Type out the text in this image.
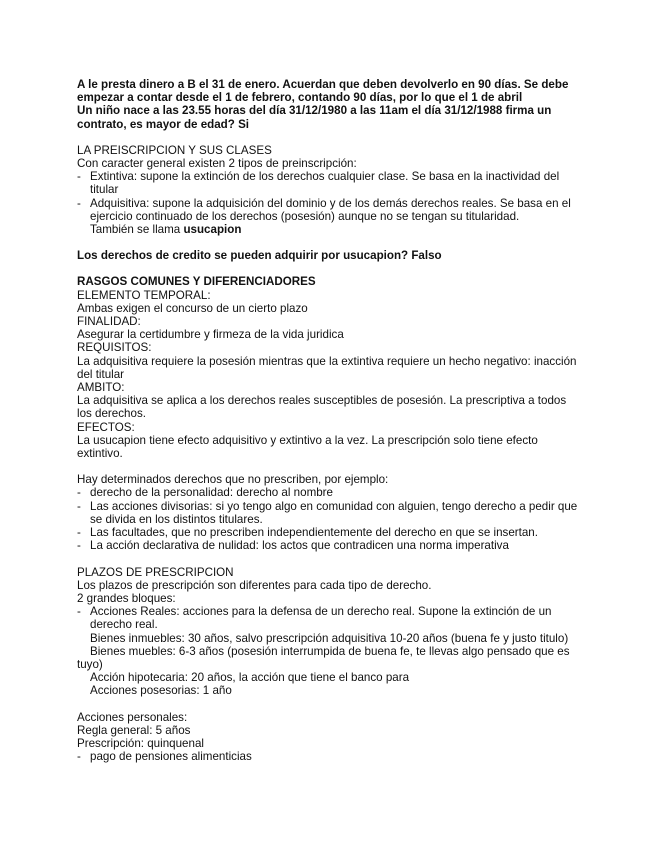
A le presta dinero a B el 31 de enero. Acuerdan que deben devolverlo en 90 días. Se debe empezar a contar desde el 1 de febrero, contando 90 días, por lo que el 1 de abril

Un niño nace a las 23.55 horas del día 31/12/1980 a las 11am el día 31/12/1988 firma un contrato, es mayor de edad? Si

LA PREISCRIPCION Y SUS CLASES

Con caracter general existen 2 tipos de preinscripción:

- Extintiva: supone la extinción de los derechos cualquier clase. Se basa en la inactividad del titular
- Adquisitiva: supone la adquisición del dominio y de los demás derechos reales. Se basa en el ejercicio continuado de los derechos (posesión) aunque no se tengan su titularidad.
También se llama usucapion

Los derechos de credito se pueden adquirir por usucapion? Falso

RASGOS COMUNES Y DIFERENCIADORES

ELEMENTO TEMPORAL:

Ambas exigen el concurso de un cierto plazo

FINALIDAD:

Asegurar la certidumbre y firmeza de la vida juridica

REQUISITOS:

La adquisitiva requiere la posesión mientras que la extintiva requiere un hecho negativo: inacción del titular

AMBITO:

La adquisitiva se aplica a los derechos reales susceptibles de posesión. La prescriptiva a todos los derechos.

EFECTOS:

La usucapion tiene efecto adquisitivo y extintivo a la vez. La prescripción solo tiene efecto extintivo.

Hay determinados derechos que no prescriben, por ejemplo:

- derecho de la personalidad: derecho al nombre
- Las acciones divisorias: si yo tengo algo en comunidad con alguien, tengo derecho a pedir que se divida en los distintos titulares.
- Las facultades, que no prescriben independientemente del derecho en que se insertan.
- La acción declarativa de nulidad: los actos que contradicen una norma imperativa

PLAZOS DE PRESCRIPCION

Los plazos de prescripción son diferentes para cada tipo de derecho.

2 grandes bloques:

- Acciones Reales: acciones para la defensa de un derecho real. Supone la extinción de un derecho real.

Bienes inmuebles: 30 años, salvo prescripción adquisitiva 10-20 años (buena fe y justo titulo)

Bienes muebles: 6-3 años (posesión interrumpida de buena fe, te llevas algo pensado que es tuyo)

Acción hipotecaria: 20 años, la acción que tiene el banco para

Acciones posesorias: 1 año

Acciones personales:

Regla general: 5 años

Prescripción: quinquenal

- pago de pensiones alimenticias
